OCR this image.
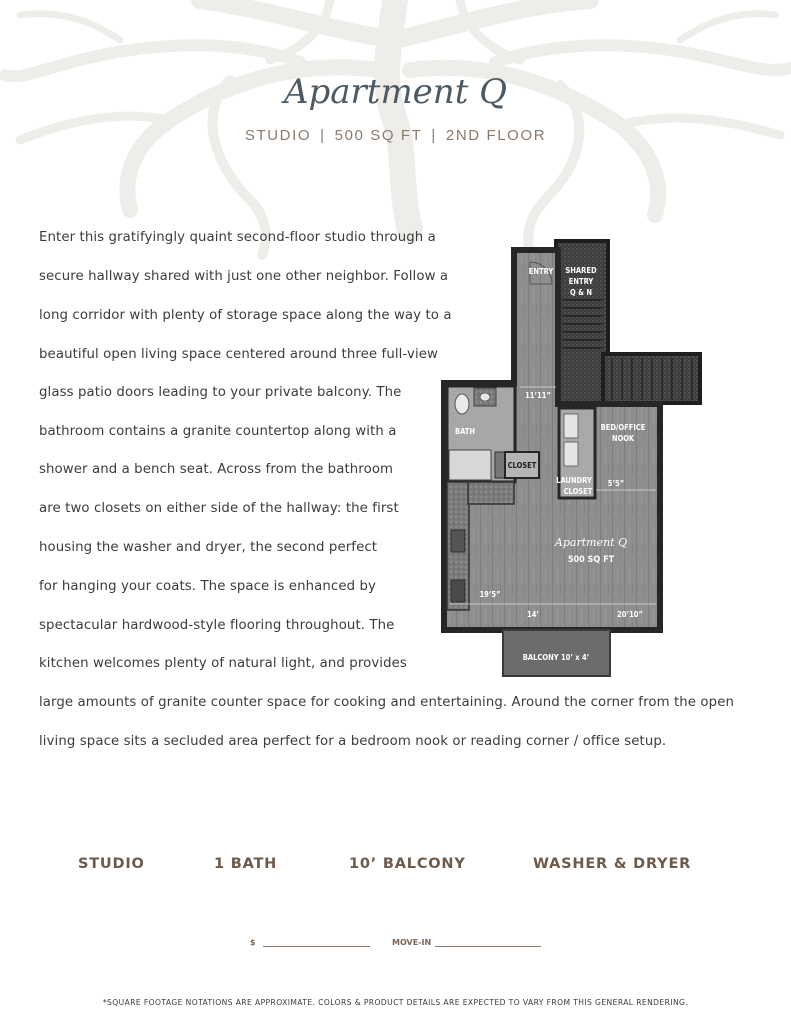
Apartment Q
STUDIO | 500 SQ FT | 2ND FLOOR
Enter this gratifyingly quaint second-floor studio through a
secure hallway shared with just one other neighbor. Follow a
long corridor with plenty of storage space along the way to a
beautiful open living space centered around three full-view
glass patio doors leading to your private balcony. The
bathroom contains a granite countertop along with a
shower and a bench seat. Across from the bathroom
are two closets on either side of the hallway: the first
housing the washer and dryer, the second perfect
for hanging your coats. The space is enhanced by
spectacular hardwood-style flooring throughout. The
kitchen welcomes plenty of natural light, and provides
large amounts of granite counter space for cooking and entertaining. Around the corner from the open
living space sits a secluded area perfect for a bedroom nook or reading corner / office setup.
ENTRY SHARED
ENTRY
Q & N
11’11”
BATH	BED/OFFICE
NOOK
CLOSET
LAUNDRY
CLOSET
5’5”
500 SQ FT
19’5”
14’	20’10”
BALCONY 10’ x 4’
Apartment Q
STUDIO	1 BATH	10’ BALCONY	WASHER & DRYER
$	MOVE-IN
*SQUARE FOOTAGE NOTATIONS ARE APPROXIMATE. COLORS & PRODUCT DETAILS ARE EXPECTED TO VARY FROM THIS GENERAL RENDERING.
